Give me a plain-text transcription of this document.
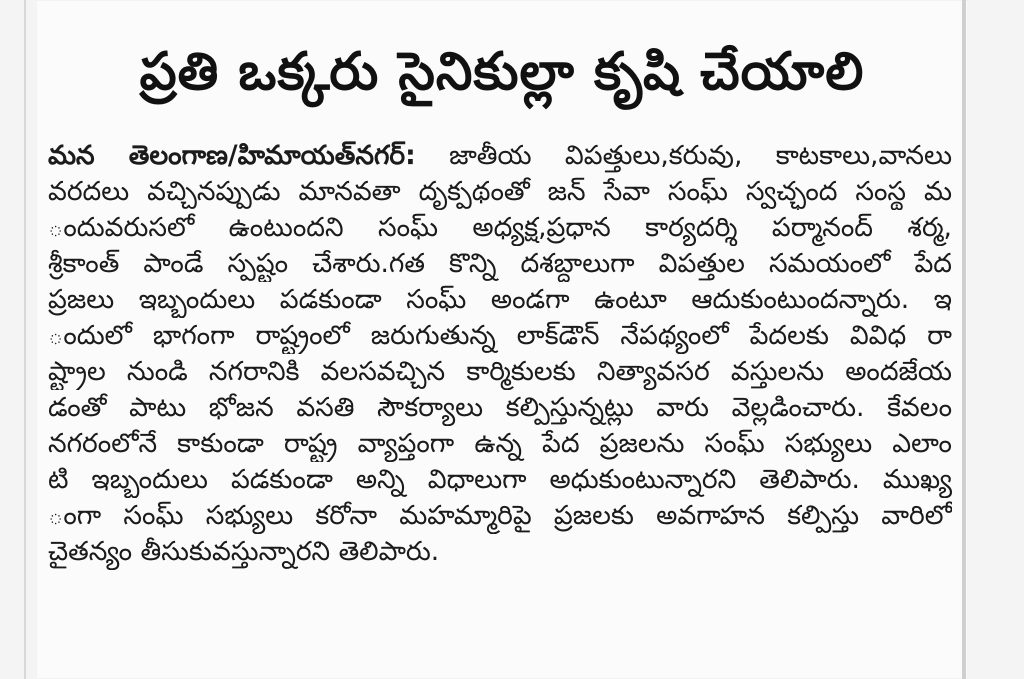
ప్రతి ఒక్కరు సైనికుల్లా కృషి చేయాలి
మన తెలంగాణ/హిమాయత్‌నగర్: జాతీయ విపత్తులు,కరువు, కాటకాలు,వానలు
వరదలు వచ్చినప్పుడు మానవతా దృక్పథంతో జన్ సేవా సంఘ్ స్వచ్ఛంద సంస్థ మ
ందువరుసలో ఉంటుందని సంఘ్ అధ్యక్ష,ప్రధాన కార్యదర్శి పర్మానంద్ శర్మ,
శ్రీకాంత్ పాండే స్పష్టం చేశారు.గత కొన్ని దశబ్దాలుగా విపత్తుల సమయంలో పేద
ప్రజలు ఇబ్బందులు పడకుండా సంఘ్ అండగా ఉంటూ ఆదుకుంటుందన్నారు. ఇ
ందులో భాగంగా రాష్ట్రంలో జరుగుతున్న లాక్‌డౌన్ నేపథ్యంలో పేదలకు వివిధ రా
ష్ట్రాల నుండి నగరానికి వలసవచ్చిన కార్మికులకు నిత్యావసర వస్తులను అందజేయ
డంతో పాటు భోజన వసతి సౌకర్యాలు కల్పిస్తున్నట్లు వారు వెల్లడించారు. కేవలం
నగరంలోనే కాకుండా రాష్ట్ర వ్యాప్తంగా ఉన్న పేద ప్రజలను సంఘ్ సభ్యులు ఎలాం
టి ఇబ్బందులు పడకుండా అన్ని విధాలుగా అధుకుంటున్నారని తెలిపారు. ముఖ్య
ంగా సంఘ్ సభ్యులు కరోనా మహమ్మారిపై ప్రజలకు అవగాహన కల్పిస్తు వారిలో
చైతన్యం తీసుకువస్తున్నారని తెలిపారు.
